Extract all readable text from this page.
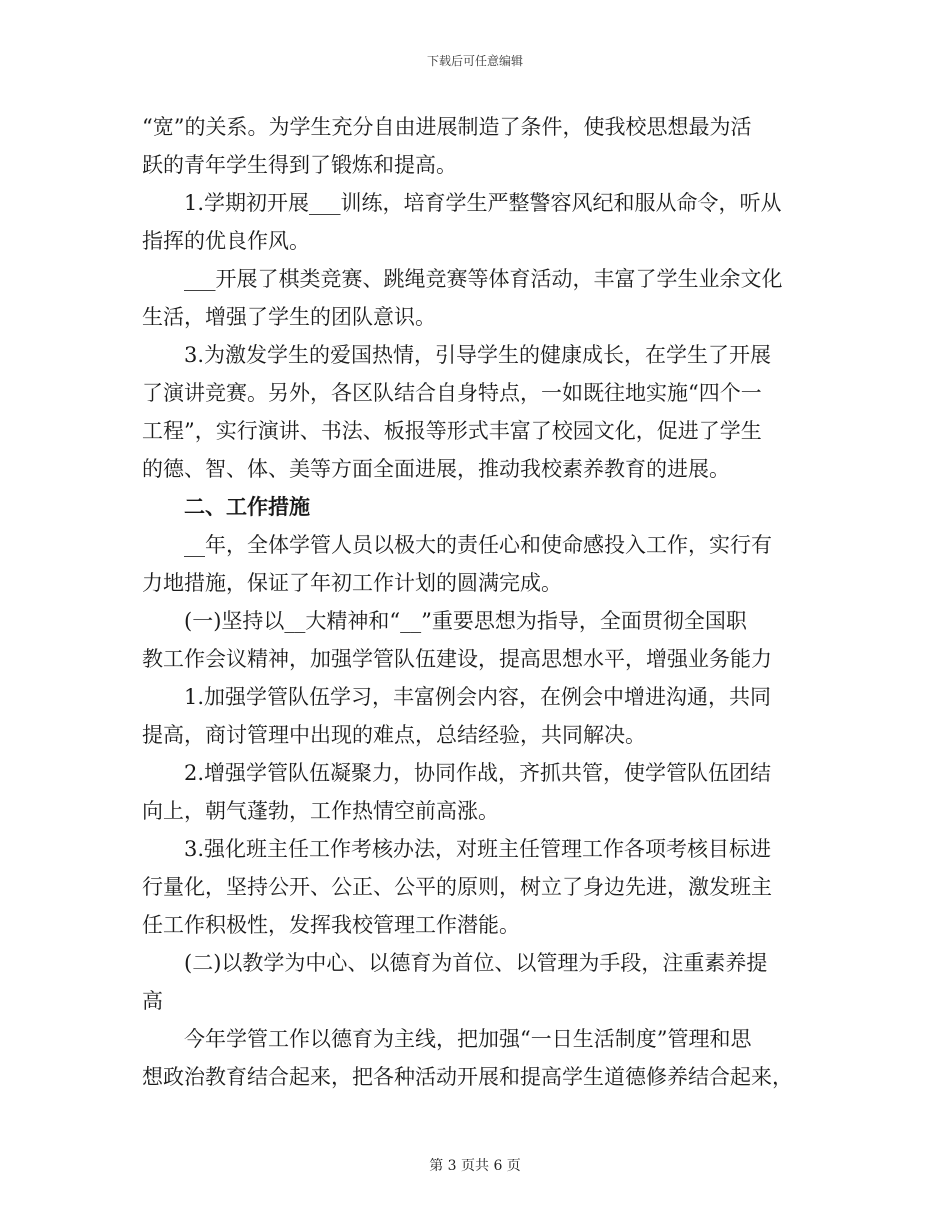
下载后可任意编辑
“宽”的关系。为学生充分自由进展制造了条件，使我校思想最为活
跃的青年学生得到了锻炼和提高。
1.学期初开展___训练，培育学生严整警容风纪和服从命令，听从
指挥的优良作风。
___开展了棋类竞赛、跳绳竞赛等体育活动，丰富了学生业余文化
生活，增强了学生的团队意识。
3.为激发学生的爱国热情，引导学生的健康成长，在学生了开展
了演讲竞赛。另外，各区队结合自身特点，一如既往地实施“四个一
工程”，实行演讲、书法、板报等形式丰富了校园文化，促进了学生
的德、智、体、美等方面全面进展，推动我校素养教育的进展。
二、工作措施
__年，全体学管人员以极大的责任心和使命感投入工作，实行有
力地措施，保证了年初工作计划的圆满完成。
(一)坚持以__大精神和“__”重要思想为指导，全面贯彻全国职
教工作会议精神，加强学管队伍建设，提高思想水平，增强业务能力
1.加强学管队伍学习，丰富例会内容，在例会中增进沟通，共同
提高，商讨管理中出现的难点，总结经验，共同解决。
2.增强学管队伍凝聚力，协同作战，齐抓共管，使学管队伍团结
向上，朝气蓬勃，工作热情空前高涨。
3.强化班主任工作考核办法，对班主任管理工作各项考核目标进
行量化，坚持公开、公正、公平的原则，树立了身边先进，激发班主
任工作积极性，发挥我校管理工作潜能。
(二)以教学为中心、以德育为首位、以管理为手段，注重素养提
高
今年学管工作以德育为主线，把加强“一日生活制度”管理和思
想政治教育结合起来，把各种活动开展和提高学生道德修养结合起来，
第 3 页共 6 页
